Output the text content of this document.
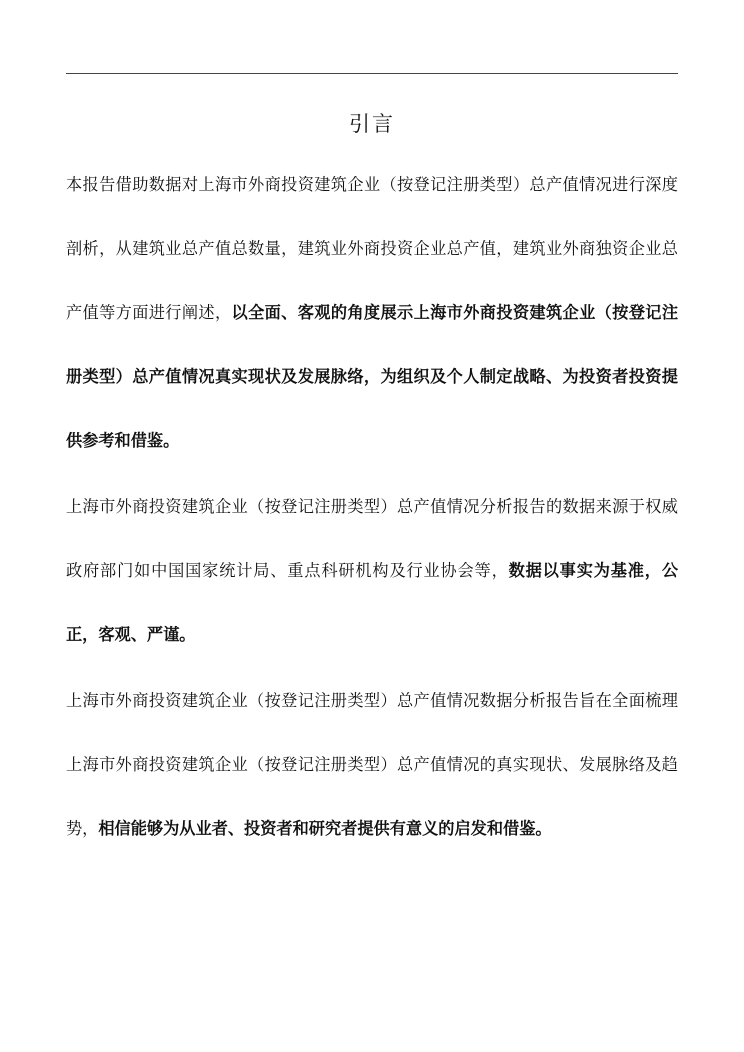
引言

本报告借助数据对上海市外商投资建筑企业（按登记注册类型）总产值情况进行深度剖析，从建筑业总产值总数量，建筑业外商投资企业总产值，建筑业外商独资企业总产值等方面进行阐述，以全面、客观的角度展示上海市外商投资建筑企业（按登记注册类型）总产值情况真实现状及发展脉络，为组织及个人制定战略、为投资者投资提供参考和借鉴。

上海市外商投资建筑企业（按登记注册类型）总产值情况分析报告的数据来源于权威政府部门如中国国家统计局、重点科研机构及行业协会等，数据以事实为基准，公正，客观、严谨。

上海市外商投资建筑企业（按登记注册类型）总产值情况数据分析报告旨在全面梳理上海市外商投资建筑企业（按登记注册类型）总产值情况的真实现状、发展脉络及趋势，相信能够为从业者、投资者和研究者提供有意义的启发和借鉴。
